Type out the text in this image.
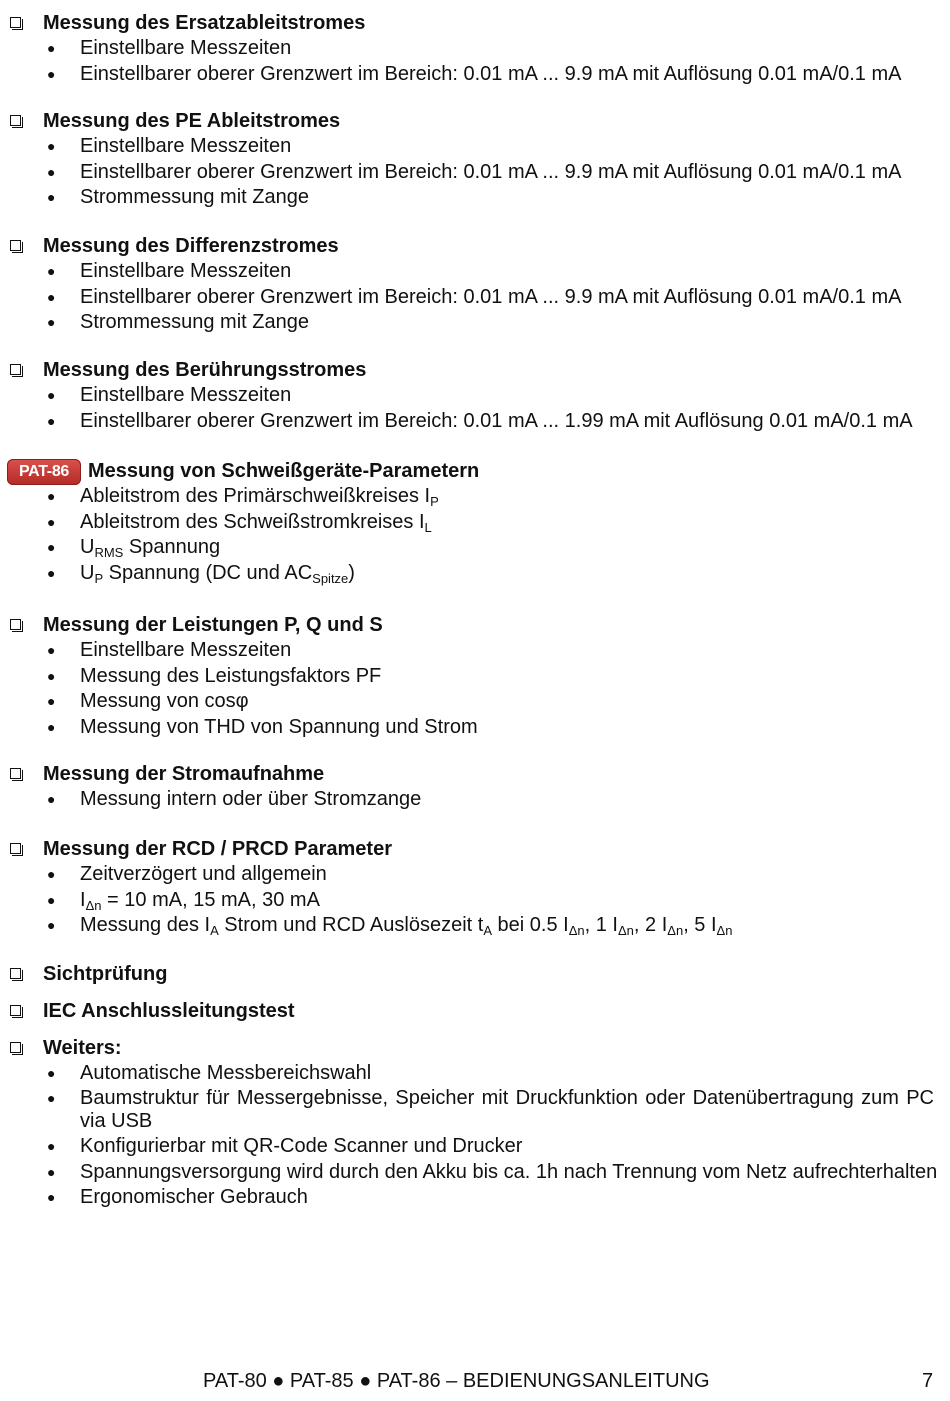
Messung des Ersatzableitstromes
● Einstellbare Messzeiten
● Einstellbarer oberer Grenzwert im Bereich: 0.01 mA ... 9.9 mA mit Auflösung 0.01 mA/0.1 mA
Messung des PE Ableitstromes
● Einstellbare Messzeiten
● Einstellbarer oberer Grenzwert im Bereich: 0.01 mA ... 9.9 mA mit Auflösung 0.01 mA/0.1 mA
● Strommessung mit Zange
Messung des Differenzstromes
● Einstellbare Messzeiten
● Einstellbarer oberer Grenzwert im Bereich: 0.01 mA ... 9.9 mA mit Auflösung 0.01 mA/0.1 mA
● Strommessung mit Zange
Messung des Berührungsstromes
● Einstellbare Messzeiten
● Einstellbarer oberer Grenzwert im Bereich: 0.01 mA ... 1.99 mA mit Auflösung 0.01 mA/0.1 mA
PAT-86 Messung von Schweißgeräte-Parametern
● Ableitstrom des Primärschweißkreises $I_P$
● Ableitstrom des Schweißstromkreises $I_L$
● $U_{RMS}$ Spannung
● $U_P$ Spannung (DC und $AC_{Spitze}$)
Messung der Leistungen P, Q und S
● Einstellbare Messzeiten
● Messung des Leistungsfaktors PF
● Messung von cosφ
● Messung von THD von Spannung und Strom
Messung der Stromaufnahme
● Messung intern oder über Stromzange
Messung der RCD / PRCD Parameter
● Zeitverzögert und allgemein
● $I_{\Delta n} = 10$ mA, 15 mA, 30 mA
● Messung des $I_A$ Strom und RCD Auslösezeit $t_A$ bei 0.5 $I_{\Delta n}$, 1 $I_{\Delta n}$, 2 $I_{\Delta n}$, 5 $I_{\Delta n}$
Sichtprüfung
IEC Anschlussleitungstest
Weiters:
● Automatische Messbereichswahl
● Baumstruktur für Messergebnisse, Speicher mit Druckfunktion oder Datenübertragung zum PC via USB
● Konfigurierbar mit QR-Code Scanner und Drucker
● Spannungsversorgung wird durch den Akku bis ca. 1h nach Trennung vom Netz aufrechterhalten
● Ergonomischer Gebrauch
PAT-80 ● PAT-85 ● PAT-86 – BEDIENUNGSANLEITUNG	7
